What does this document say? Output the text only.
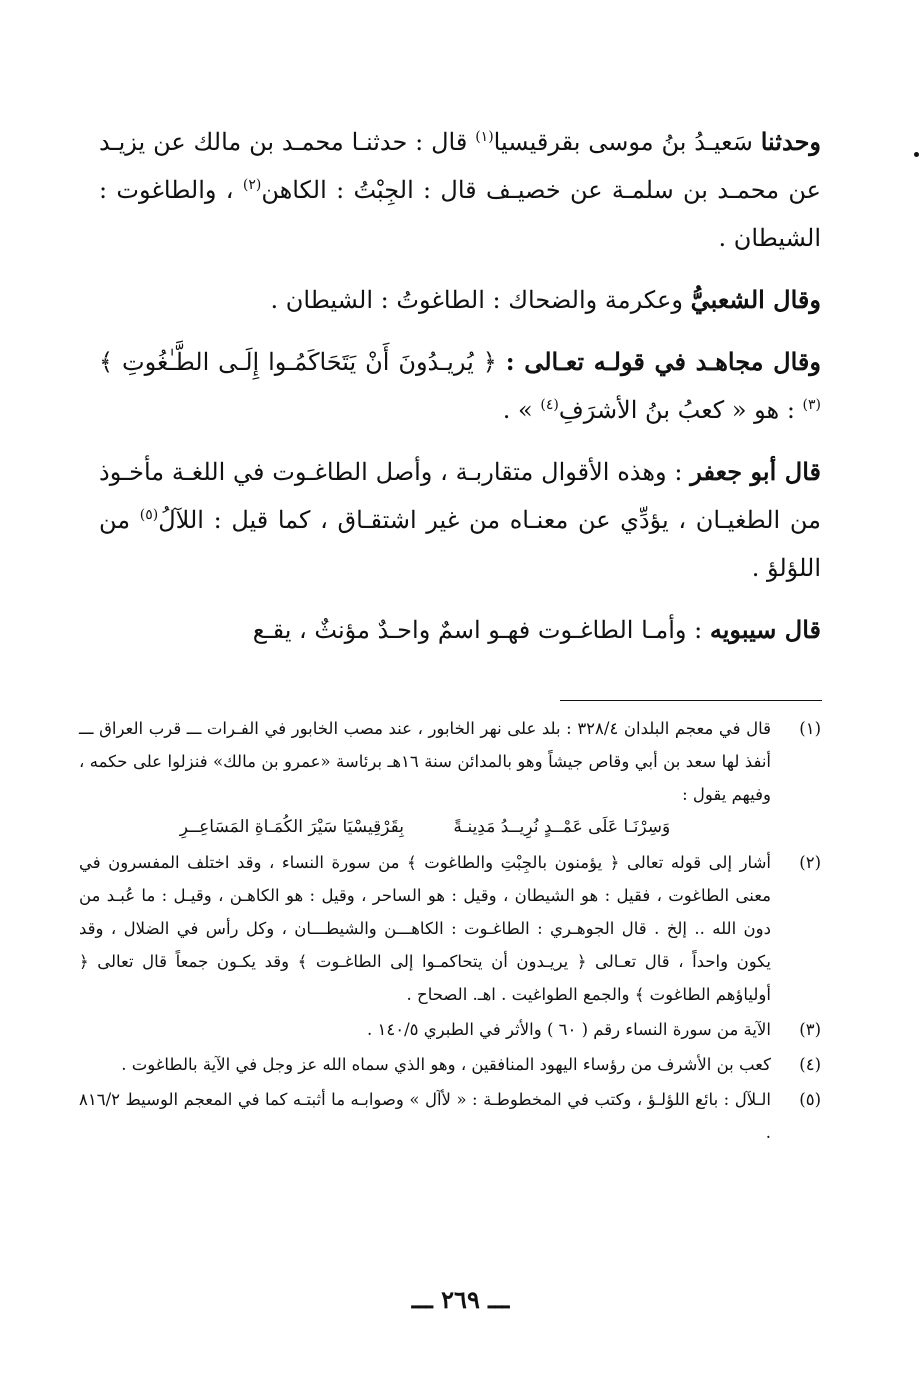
وحدثنا سَعيـدُ بنُ موسى بقرقيسيا$^{(١)}$ قال : حدثنـا محمـد بن مالك عن يزيـد عن محمـد بن سلمـة عن خصيـف قال : الجِبْتُ : الكاهن$^{(٢)}$ ، والطاغوت : الشيطان .

وقال الشعبيُّ وعكرمة والضحاك : الطاغوتُ : الشيطان .

وقال مجاهـد في قولـه تعـالى : ﴿ يُريـدُونَ أَنْ يَتَحَاكَمُـوا إِلَـى الطَّـٰغُوتِ ﴾$^{(٣)}$ : هو « كعبُ بنُ الأشرَفِ$^{(٤)}$ » .

قال أبو جعفر : وهذه الأقوال متقاربـة ، وأصل الطاغـوت في اللغـة مأخـوذ من الطغيـان ، يؤدِّي عن معنـاه من غير اشتقـاق ، كما قيل : اللآلُ$^{(٥)}$ من اللؤلؤ .

قال سيبويه : وأمـا الطاغـوت فهـو اسمٌ واحـدٌ مؤنثٌ ، يقـع

(١)
قال في معجم البلدان ٣٢٨/٤ : بلد على نهر الخابور ، عند مصب الخابور في الفـرات ـــ قرب العراق ـــ أنفذ لها سعد بن أبي وقاص جيشاً وهو بالمدائن سنة ١٦هـ برئاسة «عمرو بن مالك» فنزلوا على حكمه ، وفيهم يقول :
وَسِرْنَـا عَلَى عَمْــدٍ نُرِيــدُ مَدِينـةً بِقَرْقِيسْيَا سَيْرَ الكُمَـاةِ المَسَاعِــرِ
(٢)
أشار إلى قوله تعالى ﴿ يؤمنون بالجِبْتِ والطاغوت ﴾ من سورة النساء ، وقد اختلف المفسرون في معنى الطاغوت ، فقيل : هو الشيطان ، وقيل : هو الساحر ، وقيل : هو الكاهـن ، وقيـل : ما عُبـد من دون الله .. إلخ . قال الجوهـري : الطاغـوت : الكاهـــن والشيطـــان ، وكل رأس في الضلال ، وقد يكون واحداً ، قال تعـالى ﴿ يريـدون أن يتحاكمـوا إلى الطاغـوت ﴾ وقد يكـون جمعاً قال تعالى ﴿ أولياؤهم الطاغوت ﴾ والجمع الطواغيت . اهـ. الصحاح .
(٣)
الآية من سورة النساء رقم ( ٦٠ ) والأثر في الطبري ١٤٠/٥ .
(٤)
كعب بن الأشرف من رؤساء اليهود المنافقين ، وهو الذي سماه الله عز وجل في الآية بالطاغوت .
(٥)
الـلآل : بائع اللؤلـؤ ، وكتب في المخطوطـة : « لأآل » وصوابـه ما أثبتـه كما في المعجم الوسيط ٨١٦/٢ .
ـــ ٢٦٩ ـــ
